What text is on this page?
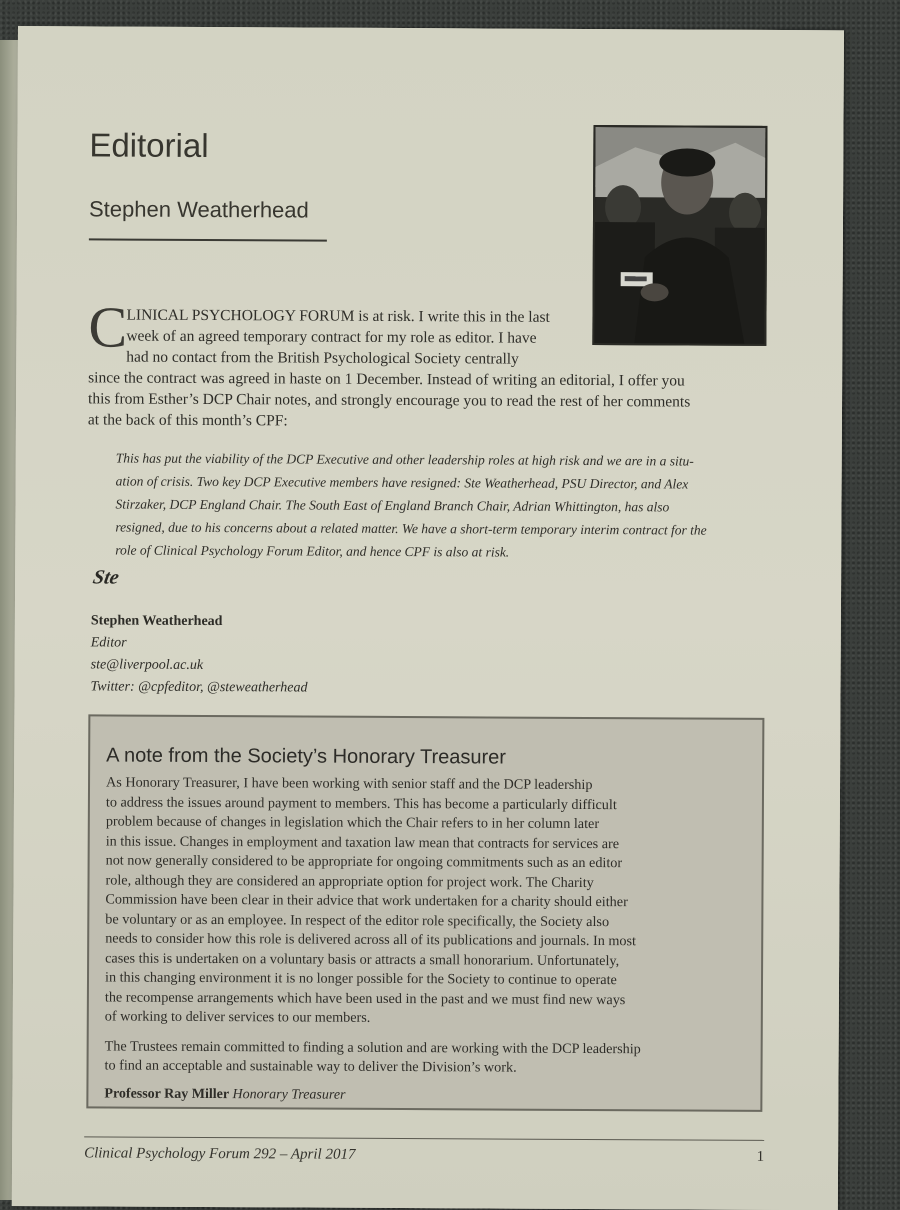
Editorial
Stephen Weatherhead
C LINICAL PSYCHOLOGY FORUM is at risk. I write this in the last

week of an agreed temporary contract for my role as editor. I have

had no contact from the British Psychological Society centrally

since the contract was agreed in haste on 1 December. Instead of writing an editorial, I offer you

this from Esther’s DCP Chair notes, and strongly encourage you to read the rest of her comments

at the back of this month’s CPF:

This has put the viability of the DCP Executive and other leadership roles at high risk and we are in a situ-
ation of crisis. Two key DCP Executive members have resigned: Ste Weatherhead, PSU Director, and Alex
Stirzaker, DCP England Chair. The South East of England Branch Chair, Adrian Whittington, has also
resigned, due to his concerns about a related matter. We have a short-term temporary interim contract for the
role of Clinical Psychology Forum Editor, and hence CPF is also at risk.
Ste
Stephen Weatherhead
Editor
ste@liverpool.ac.uk
Twitter: @cpfeditor, @steweatherhead
A note from the Society’s Honorary Treasurer

As Honorary Treasurer, I have been working with senior staff and the DCP leadership

to address the issues around payment to members. This has become a particularly difficult

problem because of changes in legislation which the Chair refers to in her column later

in this issue. Changes in employment and taxation law mean that contracts for services are

not now generally considered to be appropriate for ongoing commitments such as an editor

role, although they are considered an appropriate option for project work. The Charity

Commission have been clear in their advice that work undertaken for a charity should either

be voluntary or as an employee. In respect of the editor role specifically, the Society also

needs to consider how this role is delivered across all of its publications and journals. In most

cases this is undertaken on a voluntary basis or attracts a small honorarium. Unfortunately,

in this changing environment it is no longer possible for the Society to continue to operate

the recompense arrangements which have been used in the past and we must find new ways

of working to deliver services to our members.

The Trustees remain committed to finding a solution and are working with the DCP leadership

to find an acceptable and sustainable way to deliver the Division’s work.

Professor Ray Miller Honorary Treasurer

Clinical Psychology Forum 292 – April 2017	1
